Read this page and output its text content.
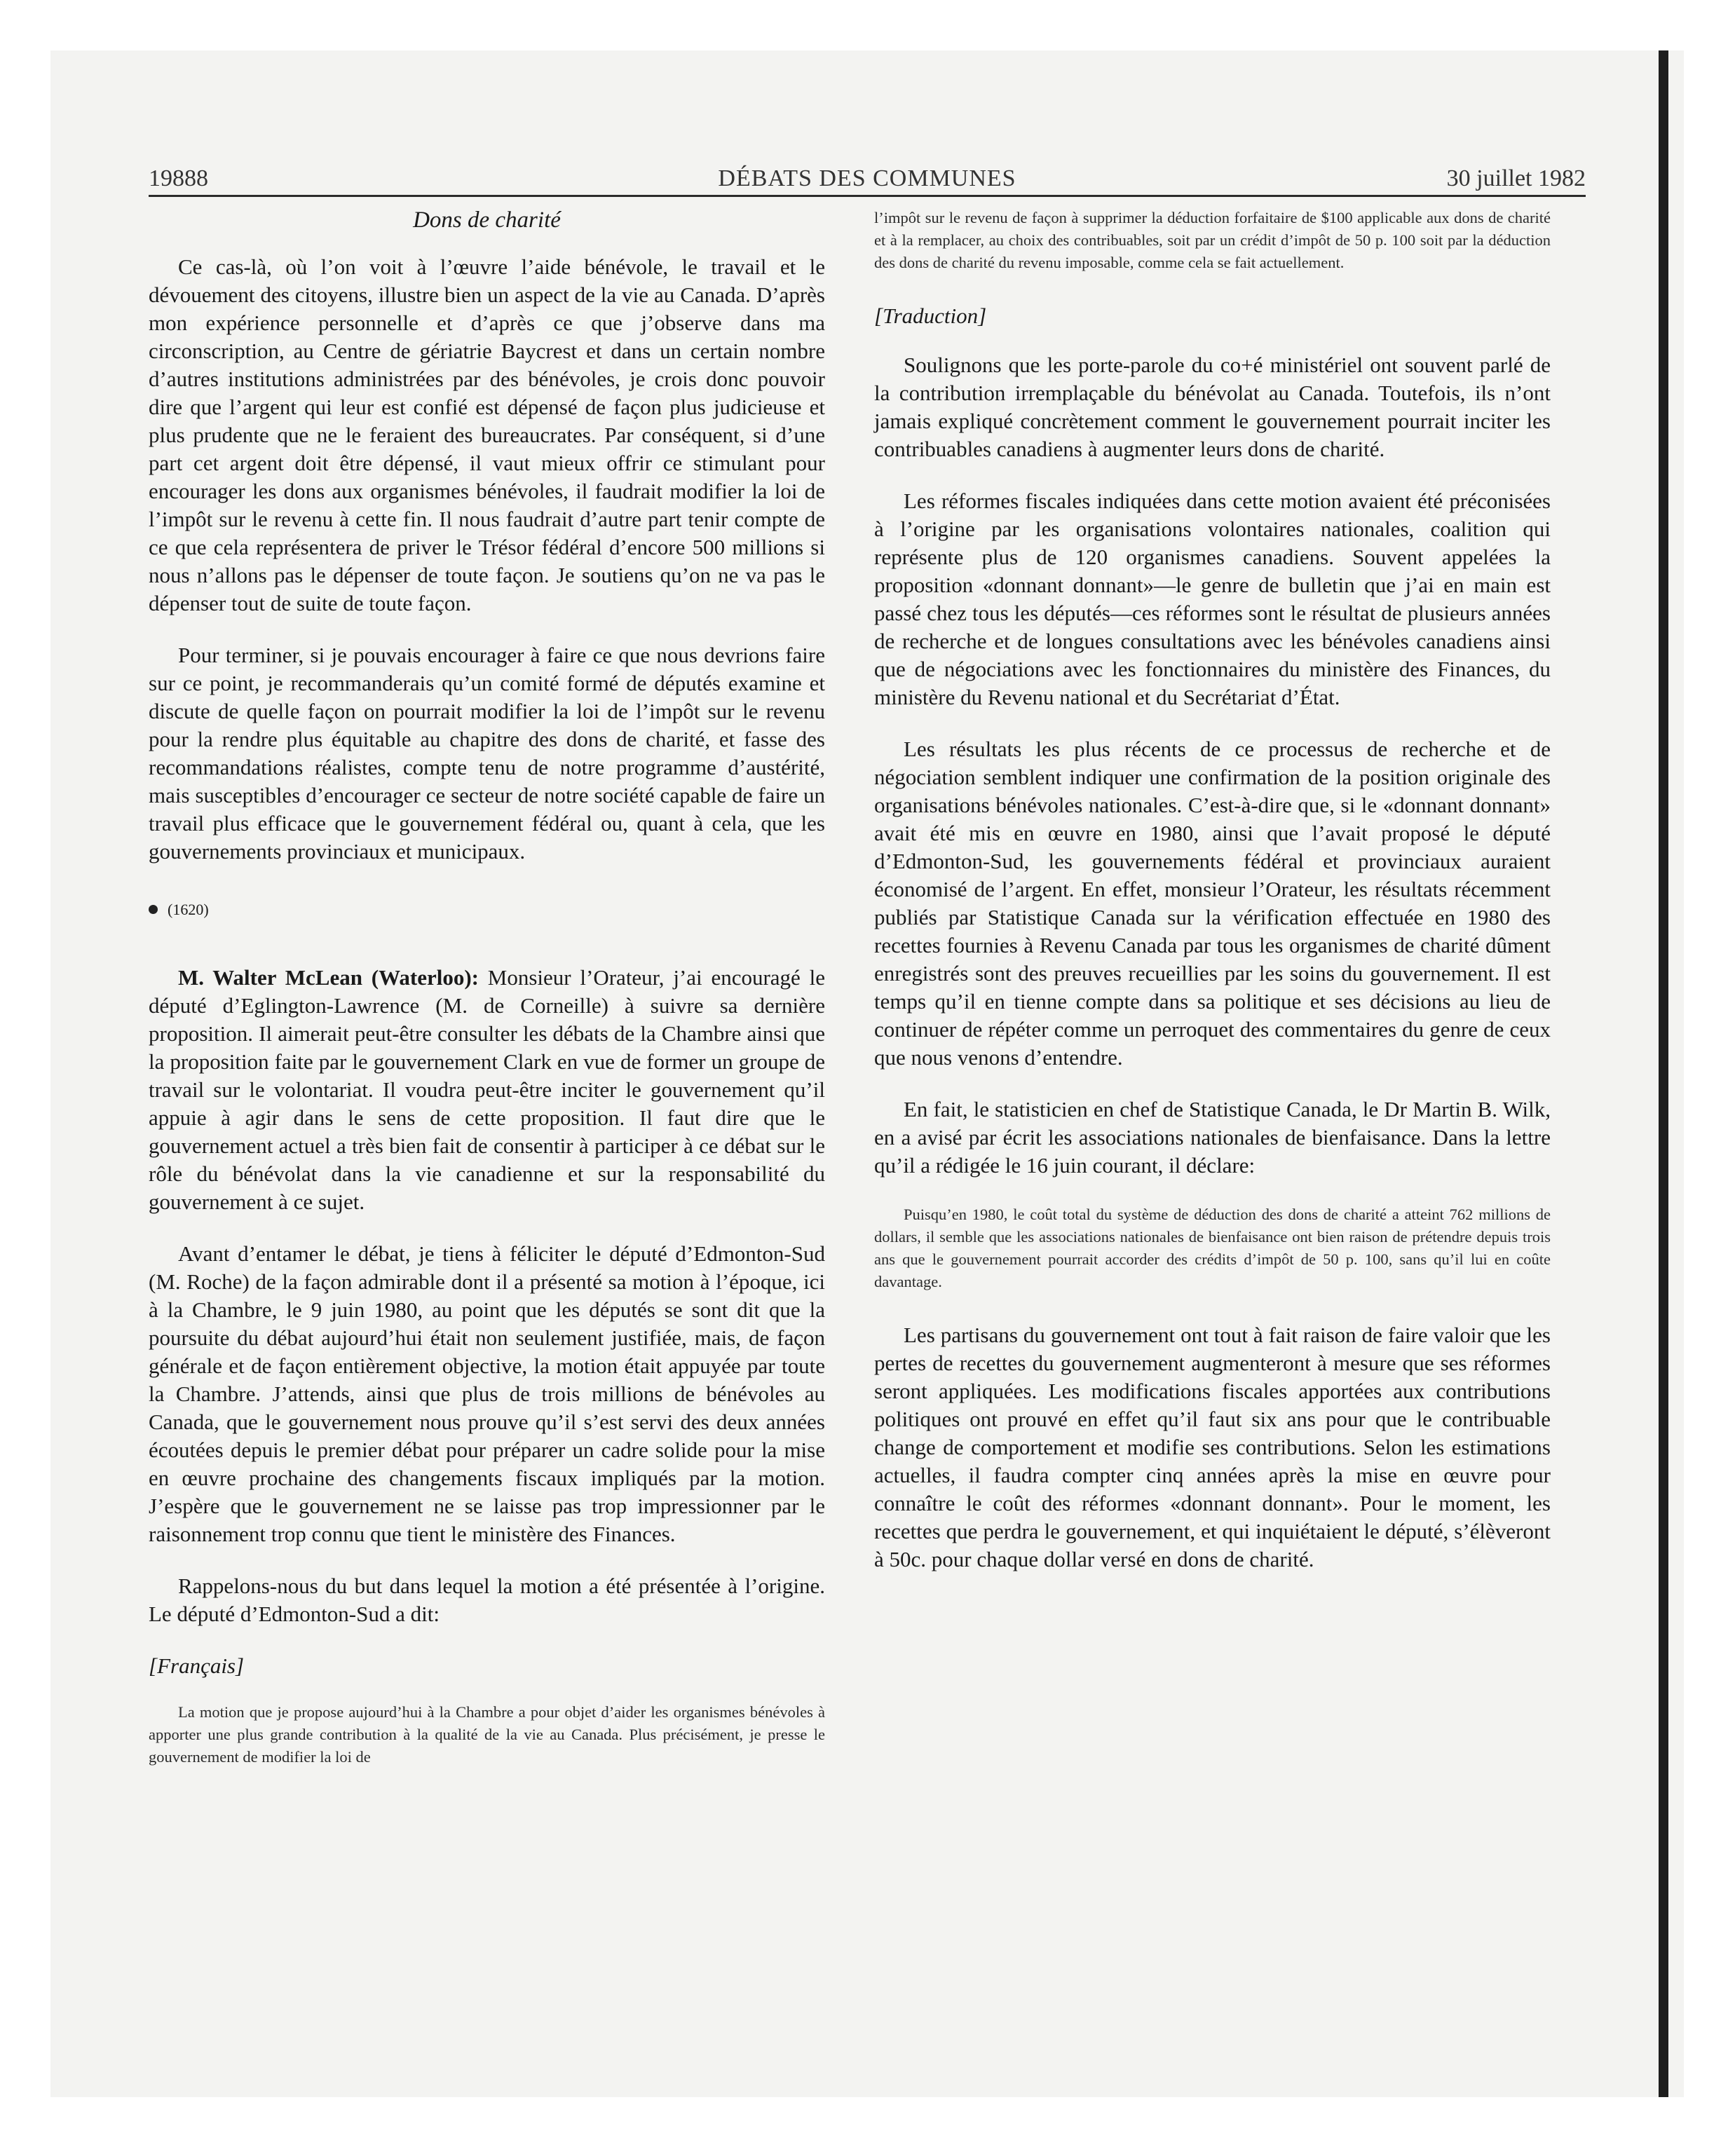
19888	DÉBATS DES COMMUNES	30 juillet 1982
Dons de charité

Ce cas-là, où l’on voit à l’œuvre l’aide bénévole, le travail et le dévouement des citoyens, illustre bien un aspect de la vie au Canada. D’après mon expérience personnelle et d’après ce que j’observe dans ma circonscription, au Centre de gériatrie Baycrest et dans un certain nombre d’autres institutions administrées par des bénévoles, je crois donc pouvoir dire que l’argent qui leur est confié est dépensé de façon plus judicieuse et plus prudente que ne le feraient des bureaucrates. Par conséquent, si d’une part cet argent doit être dépensé, il vaut mieux offrir ce stimulant pour encourager les dons aux organismes bénévoles, il faudrait modifier la loi de l’impôt sur le revenu à cette fin. Il nous faudrait d’autre part tenir compte de ce que cela représentera de priver le Trésor fédéral d’encore 500 millions si nous n’allons pas le dépenser de toute façon. Je soutiens qu’on ne va pas le dépenser tout de suite de toute façon.

Pour terminer, si je pouvais encourager à faire ce que nous devrions faire sur ce point, je recommanderais qu’un comité formé de députés examine et discute de quelle façon on pourrait modifier la loi de l’impôt sur le revenu pour la rendre plus équitable au chapitre des dons de charité, et fasse des recommandations réalistes, compte tenu de notre programme d’austérité, mais susceptibles d’encourager ce secteur de notre société capable de faire un travail plus efficace que le gouvernement fédéral ou, quant à cela, que les gouvernements provinciaux et municipaux.

(1620)

M. Walter McLean (Waterloo): Monsieur l’Orateur, j’ai encouragé le député d’Eglington-Lawrence (M. de Corneille) à suivre sa dernière proposition. Il aimerait peut-être consulter les débats de la Chambre ainsi que la proposition faite par le gouvernement Clark en vue de former un groupe de travail sur le volontariat. Il voudra peut-être inciter le gouvernement qu’il appuie à agir dans le sens de cette proposition. Il faut dire que le gouvernement actuel a très bien fait de consentir à participer à ce débat sur le rôle du bénévolat dans la vie canadienne et sur la responsabilité du gouvernement à ce sujet.

Avant d’entamer le débat, je tiens à féliciter le député d’Edmonton-Sud (M. Roche) de la façon admirable dont il a présenté sa motion à l’époque, ici à la Chambre, le 9 juin 1980, au point que les députés se sont dit que la poursuite du débat aujourd’hui était non seulement justifiée, mais, de façon générale et de façon entièrement objective, la motion était appuyée par toute la Chambre. J’attends, ainsi que plus de trois millions de bénévoles au Canada, que le gouvernement nous prouve qu’il s’est servi des deux années écoutées depuis le premier débat pour préparer un cadre solide pour la mise en œuvre prochaine des changements fiscaux impliqués par la motion. J’espère que le gouvernement ne se laisse pas trop impressionner par le raisonnement trop connu que tient le ministère des Finances.

Rappelons-nous du but dans lequel la motion a été présentée à l’origine. Le député d’Edmonton-Sud a dit:

[Français]

La motion que je propose aujourd’hui à la Chambre a pour objet d’aider les organismes bénévoles à apporter une plus grande contribution à la qualité de la vie au Canada. Plus précisément, je presse le gouvernement de modifier la loi de

l’impôt sur le revenu de façon à supprimer la déduction forfaitaire de $100 applicable aux dons de charité et à la remplacer, au choix des contribuables, soit par un crédit d’impôt de 50 p. 100 soit par la déduction des dons de charité du revenu imposable, comme cela se fait actuellement.

[Traduction]

Soulignons que les porte-parole du co+é ministériel ont souvent parlé de la contribution irremplaçable du bénévolat au Canada. Toutefois, ils n’ont jamais expliqué concrètement comment le gouvernement pourrait inciter les contribuables canadiens à augmenter leurs dons de charité.

Les réformes fiscales indiquées dans cette motion avaient été préconisées à l’origine par les organisations volontaires nationales, coalition qui représente plus de 120 organismes canadiens. Souvent appelées la proposition «donnant donnant»—le genre de bulletin que j’ai en main est passé chez tous les députés—ces réformes sont le résultat de plusieurs années de recherche et de longues consultations avec les bénévoles canadiens ainsi que de négociations avec les fonctionnaires du ministère des Finances, du ministère du Revenu national et du Secrétariat d’État.

Les résultats les plus récents de ce processus de recherche et de négociation semblent indiquer une confirmation de la position originale des organisations bénévoles nationales. C’est-à-dire que, si le «donnant donnant» avait été mis en œuvre en 1980, ainsi que l’avait proposé le député d’Edmonton-Sud, les gouvernements fédéral et provinciaux auraient économisé de l’argent. En effet, monsieur l’Orateur, les résultats récemment publiés par Statistique Canada sur la vérification effectuée en 1980 des recettes fournies à Revenu Canada par tous les organismes de charité dûment enregistrés sont des preuves recueillies par les soins du gouvernement. Il est temps qu’il en tienne compte dans sa politique et ses décisions au lieu de continuer de répéter comme un perroquet des commentaires du genre de ceux que nous venons d’entendre.

En fait, le statisticien en chef de Statistique Canada, le Dr Martin B. Wilk, en a avisé par écrit les associations nationales de bienfaisance. Dans la lettre qu’il a rédigée le 16 juin courant, il déclare:

Puisqu’en 1980, le coût total du système de déduction des dons de charité a atteint 762 millions de dollars, il semble que les associations nationales de bienfaisance ont bien raison de prétendre depuis trois ans que le gouvernement pourrait accorder des crédits d’impôt de 50 p. 100, sans qu’il lui en coûte davantage.

Les partisans du gouvernement ont tout à fait raison de faire valoir que les pertes de recettes du gouvernement augmenteront à mesure que ses réformes seront appliquées. Les modifications fiscales apportées aux contributions politiques ont prouvé en effet qu’il faut six ans pour que le contribuable change de comportement et modifie ses contributions. Selon les estimations actuelles, il faudra compter cinq années après la mise en œuvre pour connaître le coût des réformes «donnant donnant». Pour le moment, les recettes que perdra le gouvernement, et qui inquiétaient le député, s’élèveront à 50c. pour chaque dollar versé en dons de charité.
